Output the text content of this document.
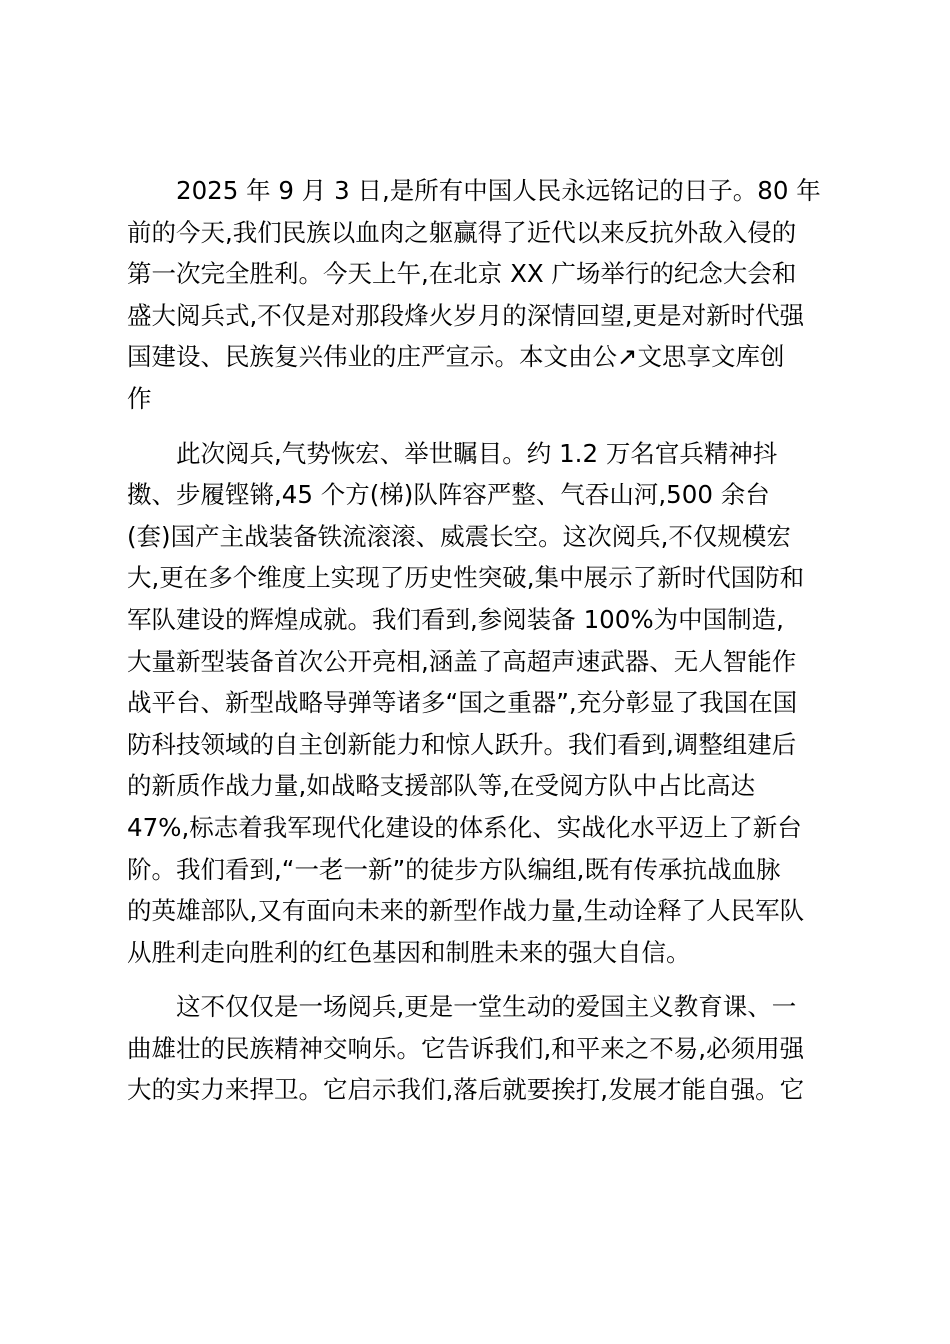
2025 年 9 月 3 日,是所有中国人民永远铭记的日子。80 年
前的今天,我们民族以血肉之躯赢得了近代以来反抗外敌入侵的
第一次完全胜利。今天上午,在北京 XX 广场举行的纪念大会和
盛大阅兵式,不仅是对那段烽火岁月的深情回望,更是对新时代强
国建设、民族复兴伟业的庄严宣示。本文由公↗文思享文库创
作

此次阅兵,气势恢宏、举世瞩目。约 1.2 万名官兵精神抖
擞、步履铿锵,45 个方(梯)队阵容严整、气吞山河,500 余台
(套)国产主战装备铁流滚滚、威震长空。这次阅兵,不仅规模宏
大,更在多个维度上实现了历史性突破,集中展示了新时代国防和
军队建设的辉煌成就。我们看到,参阅装备 100%为中国制造,
大量新型装备首次公开亮相,涵盖了高超声速武器、无人智能作
战平台、新型战略导弹等诸多“国之重器”,充分彰显了我国在国
防科技领域的自主创新能力和惊人跃升。我们看到,调整组建后
的新质作战力量,如战略支援部队等,在受阅方队中占比高达
47%,标志着我军现代化建设的体系化、实战化水平迈上了新台
阶。我们看到,“一老一新”的徒步方队编组,既有传承抗战血脉
的英雄部队,又有面向未来的新型作战力量,生动诠释了人民军队
从胜利走向胜利的红色基因和制胜未来的强大自信。

这不仅仅是一场阅兵,更是一堂生动的爱国主义教育课、一
曲雄壮的民族精神交响乐。它告诉我们,和平来之不易,必须用强
大的实力来捍卫。它启示我们,落后就要挨打,发展才能自强。它
